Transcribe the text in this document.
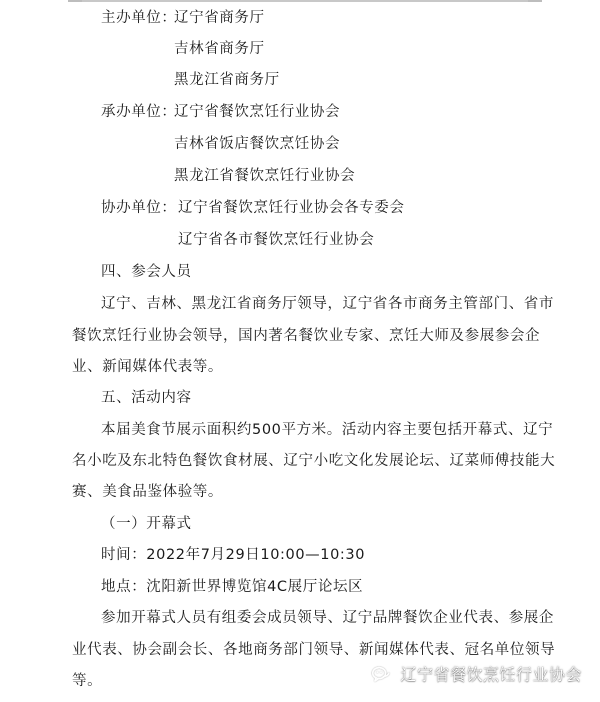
主办单位：
辽宁省商务厅
吉林省商务厅
黑龙江省商务厅
承办单位：
辽宁省餐饮烹饪行业协会
吉林省饭店餐饮烹饪协会
黑龙江省餐饮烹饪行业协会
协办单位： 辽宁省餐饮烹饪行业协会各专委会
辽宁省各市餐饮烹饪行业协会
四、参会人员
辽宁、吉林、黑龙江省商务厅领导，辽宁省各市商务主管部门、省市
餐饮烹饪行业协会领导，国内著名餐饮业专家、烹饪大师及参展参会企
业、新闻媒体代表等。
五、活动内容
本届美食节展示面积约500平方米。活动内容主要包括开幕式、辽宁
名小吃及东北特色餐饮食材展、辽宁小吃文化发展论坛、辽菜师傅技能大
赛、美食品鉴体验等。
（一）开幕式
时间：2022年7月29日10:00—10:30
地点：沈阳新世界博览馆4C展厅论坛区
参加开幕式人员有组委会成员领导、辽宁品牌餐饮企业代表、参展企
业代表、协会副会长、各地商务部门领导、新闻媒体代表、冠名单位领导
等。	辽宁省餐饮烹饪行业协会
